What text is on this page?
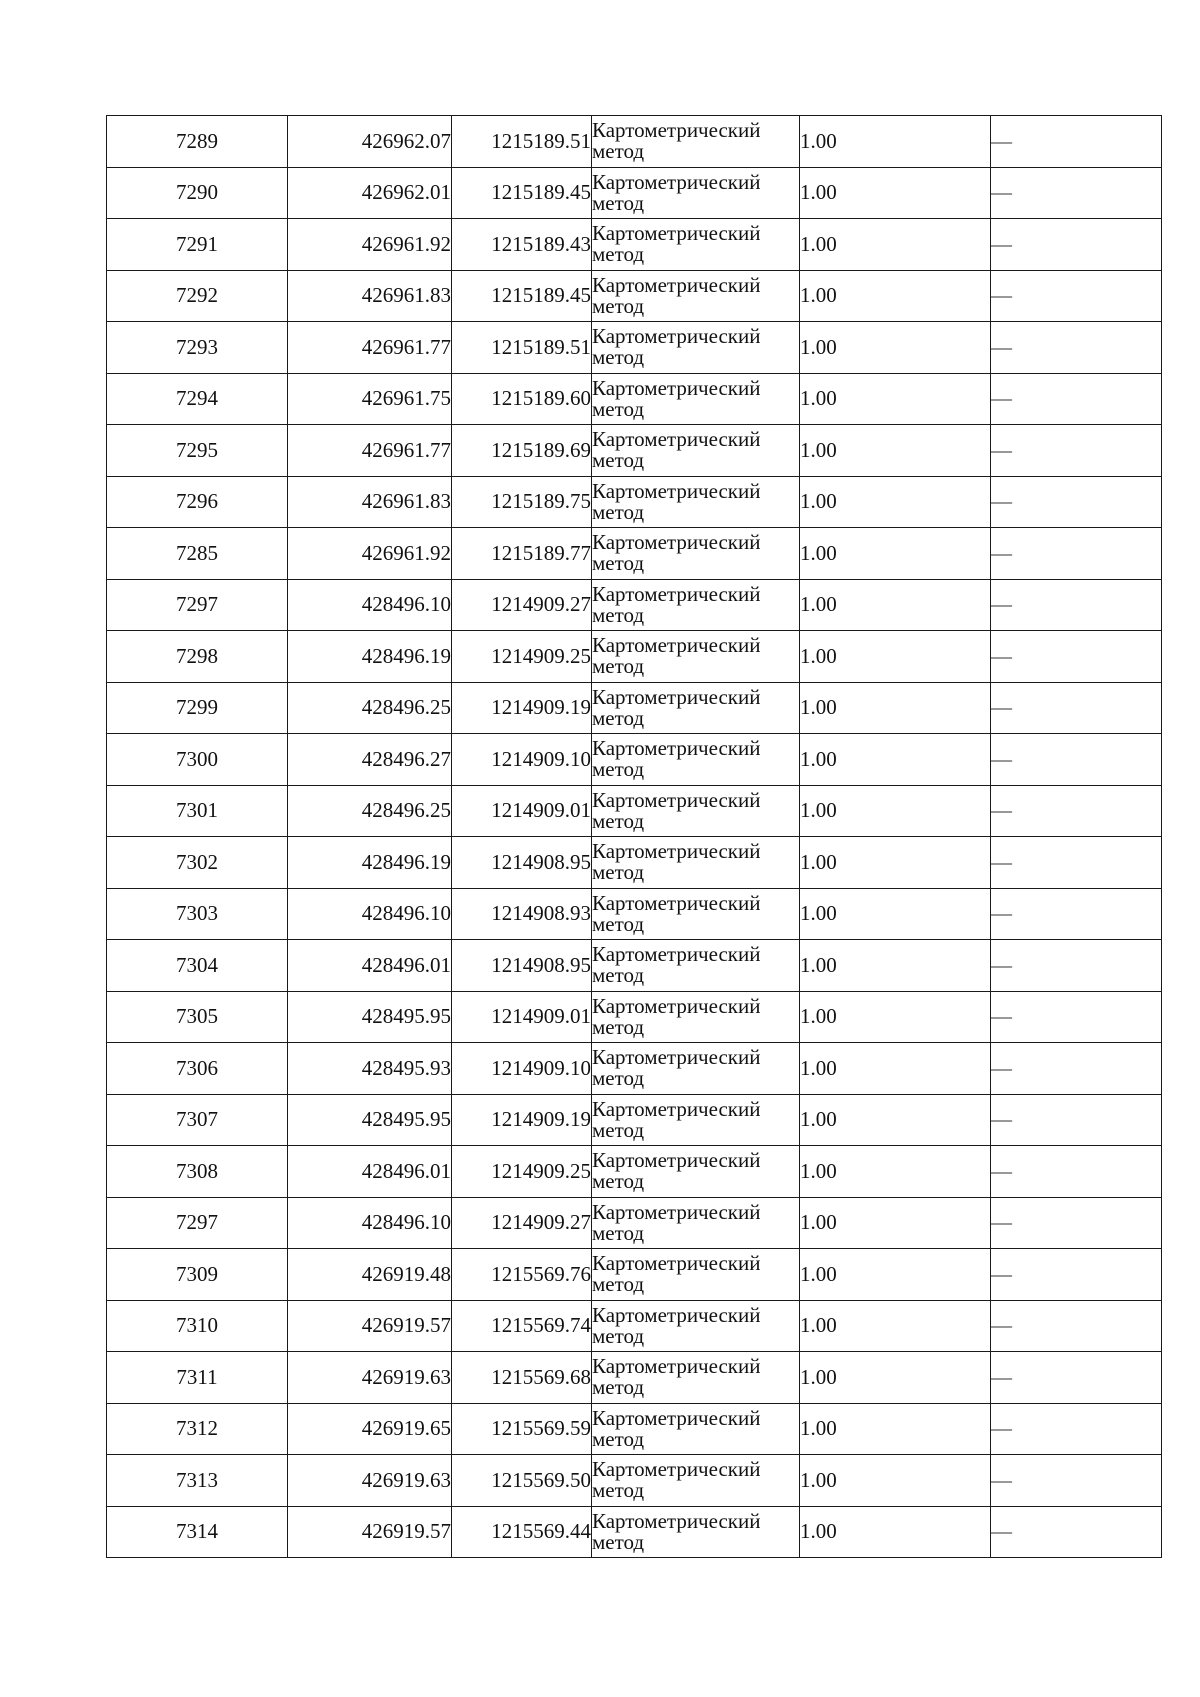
7289	426962.07	1215189.51	Картометрический
метод	1.00	—
7290	426962.01	1215189.45	Картометрический
метод	1.00	—
7291	426961.92	1215189.43	Картометрический
метод	1.00	—
7292	426961.83	1215189.45	Картометрический
метод	1.00	—
7293	426961.77	1215189.51	Картометрический
метод	1.00	—
7294	426961.75	1215189.60	Картометрический
метод	1.00	—
7295	426961.77	1215189.69	Картометрический
метод	1.00	—
7296	426961.83	1215189.75	Картометрический
метод	1.00	—
7285	426961.92	1215189.77	Картометрический
метод	1.00	—
7297	428496.10	1214909.27	Картометрический
метод	1.00	—
7298	428496.19	1214909.25	Картометрический
метод	1.00	—
7299	428496.25	1214909.19	Картометрический
метод	1.00	—
7300	428496.27	1214909.10	Картометрический
метод	1.00	—
7301	428496.25	1214909.01	Картометрический
метод	1.00	—
7302	428496.19	1214908.95	Картометрический
метод	1.00	—
7303	428496.10	1214908.93	Картометрический
метод	1.00	—
7304	428496.01	1214908.95	Картометрический
метод	1.00	—
7305	428495.95	1214909.01	Картометрический
метод	1.00	—
7306	428495.93	1214909.10	Картометрический
метод	1.00	—
7307	428495.95	1214909.19	Картометрический
метод	1.00	—
7308	428496.01	1214909.25	Картометрический
метод	1.00	—
7297	428496.10	1214909.27	Картометрический
метод	1.00	—
7309	426919.48	1215569.76	Картометрический
метод	1.00	—
7310	426919.57	1215569.74	Картометрический
метод	1.00	—
7311	426919.63	1215569.68	Картометрический
метод	1.00	—
7312	426919.65	1215569.59	Картометрический
метод	1.00	—
7313	426919.63	1215569.50	Картометрический
метод	1.00	—
7314	426919.57	1215569.44	Картометрический
метод	1.00	—
